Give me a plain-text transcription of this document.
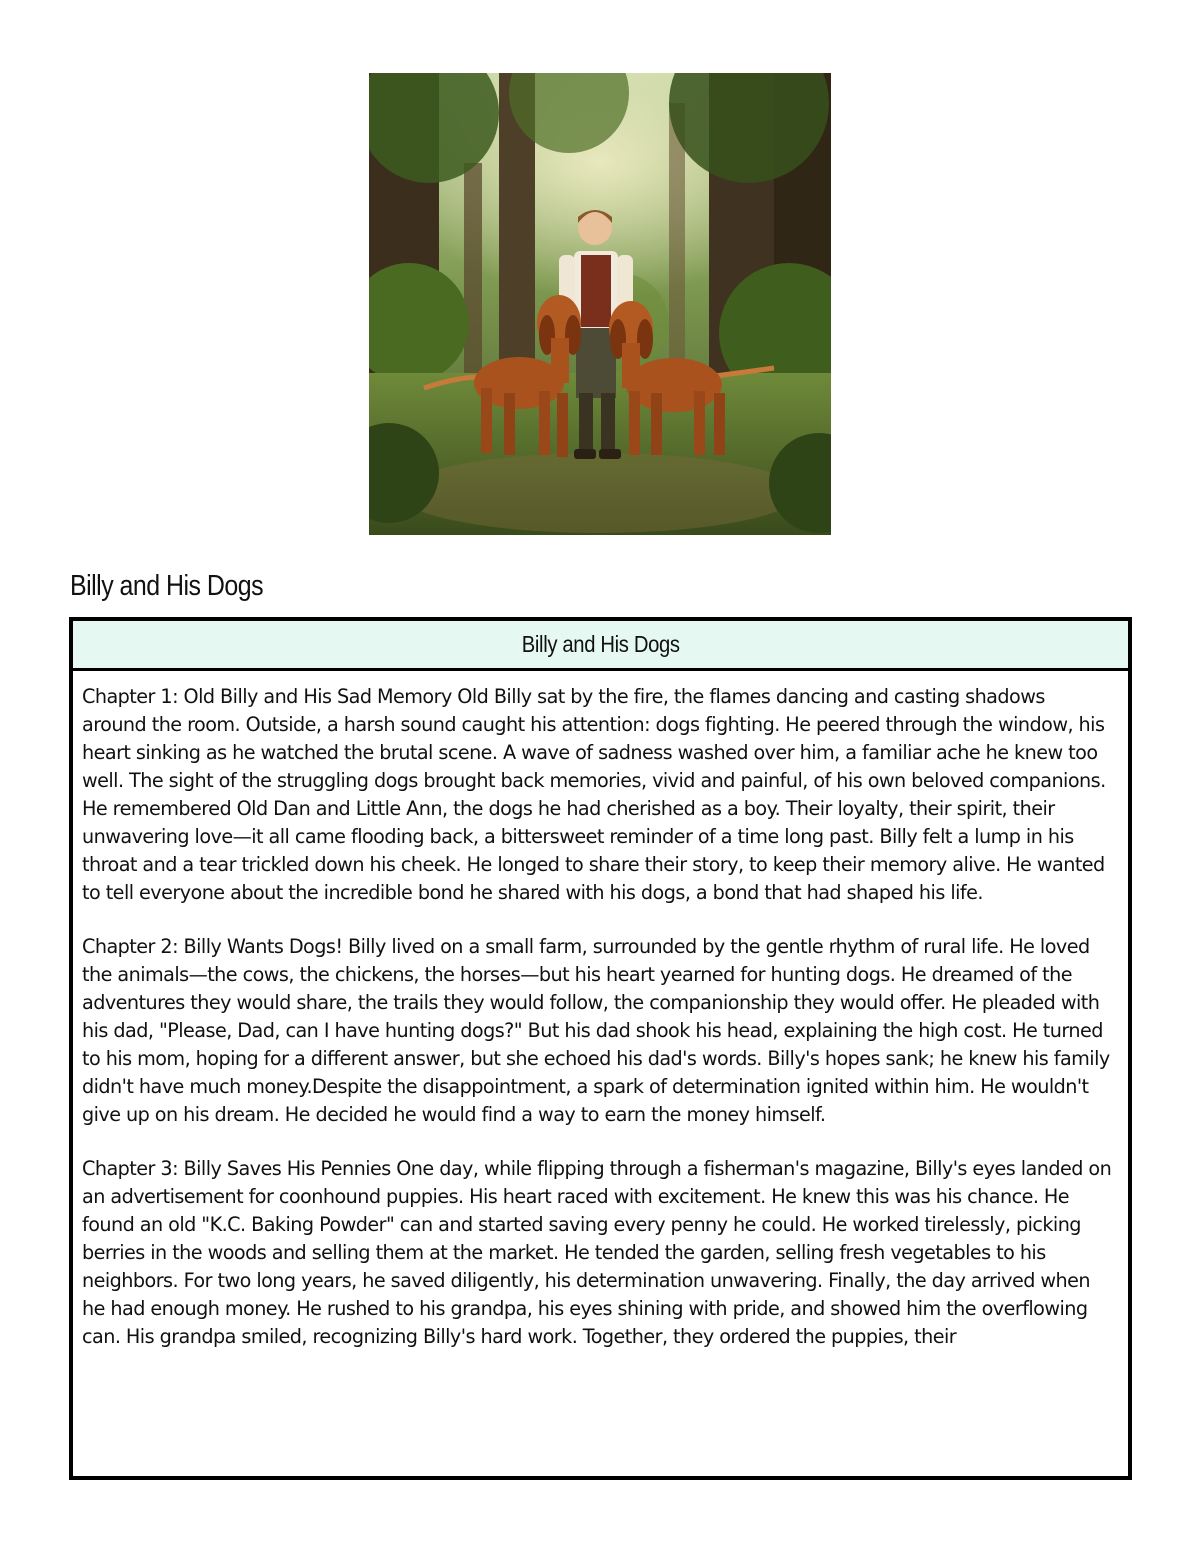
Billy and His Dogs
Billy and His Dogs

Chapter 1: Old Billy and His Sad Memory Old Billy sat by the fire, the flames dancing and casting shadows around the room. Outside, a harsh sound caught his attention: dogs fighting. He peered through the window, his heart sinking as he watched the brutal scene. A wave of sadness washed over him, a familiar ache he knew too well. The sight of the struggling dogs brought back memories, vivid and painful, of his own beloved companions. He remembered Old Dan and Little Ann, the dogs he had cherished as a boy. Their loyalty, their spirit, their unwavering love—it all came flooding back, a bittersweet reminder of a time long past. Billy felt a lump in his throat and a tear trickled down his cheek. He longed to share their story, to keep their memory alive. He wanted to tell everyone about the incredible bond he shared with his dogs, a bond that had shaped his life.

Chapter 2: Billy Wants Dogs! Billy lived on a small farm, surrounded by the gentle rhythm of rural life. He loved the animals—the cows, the chickens, the horses—but his heart yearned for hunting dogs. He dreamed of the adventures they would share, the trails they would follow, the companionship they would offer. He pleaded with his dad, "Please, Dad, can I have hunting dogs?" But his dad shook his head, explaining the high cost. He turned to his mom, hoping for a different answer, but she echoed his dad's words. Billy's hopes sank; he knew his family didn't have much money.Despite the disappointment, a spark of determination ignited within him. He wouldn't give up on his dream. He decided he would find a way to earn the money himself.

Chapter 3: Billy Saves His Pennies One day, while flipping through a fisherman's magazine, Billy's eyes landed on an advertisement for coonhound puppies. His heart raced with excitement. He knew this was his chance. He found an old "K.C. Baking Powder" can and started saving every penny he could. He worked tirelessly, picking berries in the woods and selling them at the market. He tended the garden, selling fresh vegetables to his neighbors. For two long years, he saved diligently, his determination unwavering. Finally, the day arrived when he had enough money. He rushed to his grandpa, his eyes shining with pride, and showed him the overflowing can. His grandpa smiled, recognizing Billy's hard work. Together, they ordered the puppies, their
